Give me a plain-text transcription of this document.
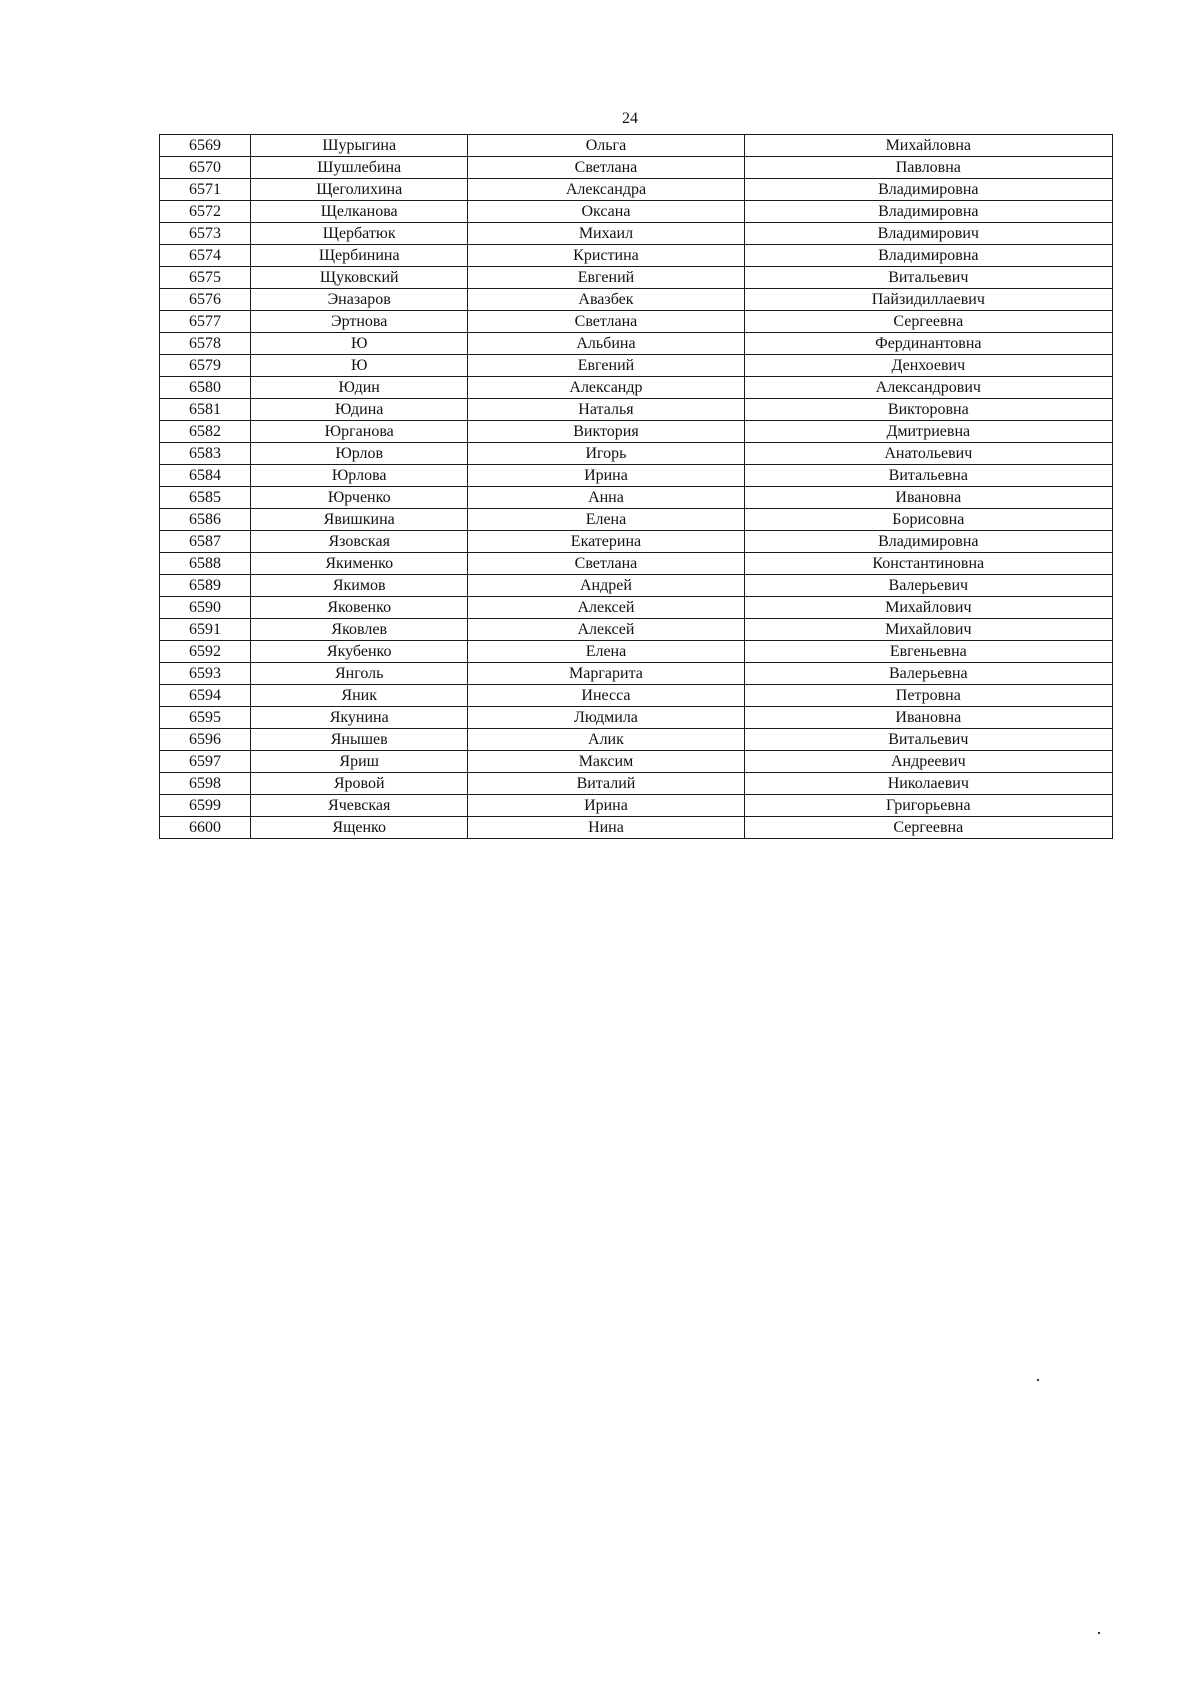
24
6569	Шурыгина	Ольга	Михайловна
6570	Шушлебина	Светлана	Павловна
6571	Щеголихина	Александра	Владимировна
6572	Щелканова	Оксана	Владимировна
6573	Щербатюк	Михаил	Владимирович
6574	Щербинина	Кристина	Владимировна
6575	Щуковский	Евгений	Витальевич
6576	Эназаров	Авазбек	Пайзидиллаевич
6577	Эртнова	Светлана	Сергеевна
6578	Ю	Альбина	Фердинантовна
6579	Ю	Евгений	Денхоевич
6580	Юдин	Александр	Александрович
6581	Юдина	Наталья	Викторовна
6582	Юрганова	Виктория	Дмитриевна
6583	Юрлов	Игорь	Анатольевич
6584	Юрлова	Ирина	Витальевна
6585	Юрченко	Анна	Ивановна
6586	Явишкина	Елена	Борисовна
6587	Язовская	Екатерина	Владимировна
6588	Якименко	Светлана	Константиновна
6589	Якимов	Андрей	Валерьевич
6590	Яковенко	Алексей	Михайлович
6591	Яковлев	Алексей	Михайлович
6592	Якубенко	Елена	Евгеньевна
6593	Янголь	Маргарита	Валерьевна
6594	Яник	Инесса	Петровна
6595	Якунина	Людмила	Ивановна
6596	Янышев	Алик	Витальевич
6597	Яриш	Максим	Андреевич
6598	Яровой	Виталий	Николаевич
6599	Ячевская	Ирина	Григорьевна
6600	Ященко	Нина	Сергеевна
